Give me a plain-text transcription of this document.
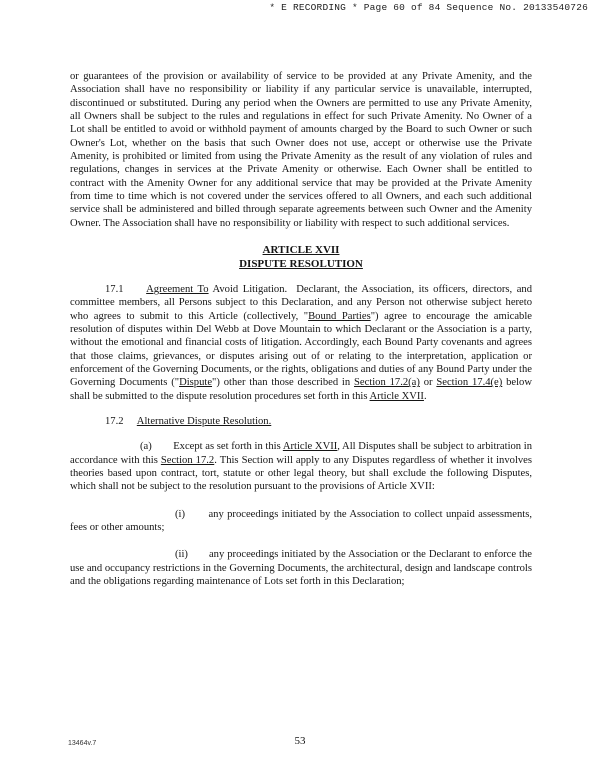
* E RECORDING * Page 60 of 84 Sequence No. 20133540726

or guarantees of the provision or availability of service to be provided at any Private Amenity, and the Association shall have no responsibility or liability if any particular service is unavailable, interrupted, discontinued or substituted. During any period when the Owners are permitted to use any Private Amenity, all Owners shall be subject to the rules and regulations in effect for such Private Amenity. No Owner of a Lot shall be entitled to avoid or withhold payment of amounts charged by the Board to such Owner or such Owner's Lot, whether on the basis that such Owner does not use, accept or otherwise use the Private Amenity, is prohibited or limited from using the Private Amenity as the result of any violation of rules and regulations, changes in services at the Private Amenity or otherwise. Each Owner shall be entitled to contract with the Amenity Owner for any additional service that may be provided at the Private Amenity from time to time which is not covered under the services offered to all Owners, and each such additional service shall be administered and billed through separate agreements between such Owner and the Amenity Owner. The Association shall have no responsibility or liability with respect to such additional services.

ARTICLE XVII

DISPUTE RESOLUTION

17.1 Agreement To Avoid Litigation. Declarant, the Association, its officers, directors, and committee members, all Persons subject to this Declaration, and any Person not otherwise subject hereto who agrees to submit to this Article (collectively, "Bound Parties") agree to encourage the amicable resolution of disputes within Del Webb at Dove Mountain to which Declarant or the Association is a party, without the emotional and financial costs of litigation. Accordingly, each Bound Party covenants and agrees that those claims, grievances, or disputes arising out of or relating to the interpretation, application or enforcement of the Governing Documents, or the rights, obligations and duties of any Bound Party under the Governing Documents ("Dispute") other than those described in Section 17.2(a) or Section 17.4(e) below shall be submitted to the dispute resolution procedures set forth in this Article XVII.

17.2 Alternative Dispute Resolution.

(a) Except as set forth in this Article XVII, All Disputes shall be subject to arbitration in accordance with this Section 17.2. This Section will apply to any Disputes regardless of whether it involves theories based upon contract, tort, statute or other legal theory, but shall exclude the following Disputes, which shall not be subject to the resolution pursuant to the provisions of Article XVII:

(i) any proceedings initiated by the Association to collect unpaid assessments, fees or other amounts;

(ii) any proceedings initiated by the Association or the Declarant to enforce the use and occupancy restrictions in the Governing Documents, the architectural, design and landscape controls and the obligations regarding maintenance of Lots set forth in this Declaration;

13464v.7	53
